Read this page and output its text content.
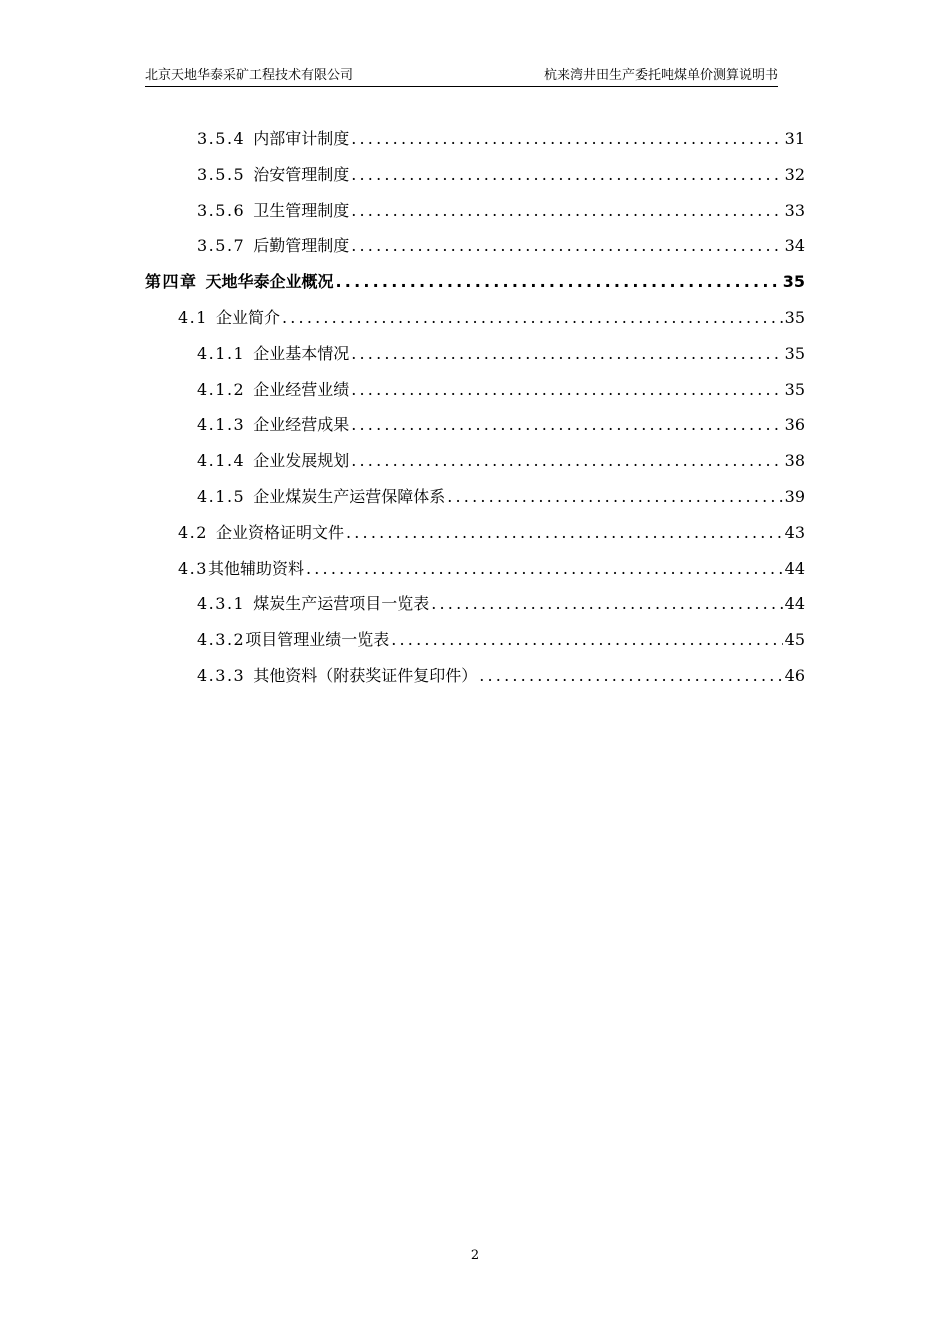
北京天地华泰采矿工程技术有限公司	杭来湾井田生产委托吨煤单价测算说明书
3.5.4 内部审计制度 .....	31
3.5.5 治安管理制度 .....	32
3.5.6 卫生管理制度 .....	33
3.5.7 后勤管理制度 .....	34
第四章 天地华泰企业概况 .....	35
4.1 企业简介 .....	35
4.1.1 企业基本情况 .....	35
4.1.2 企业经营业绩 .....	35
4.1.3 企业经营成果 .....	36
4.1.4 企业发展规划 .....	38
4.1.5 企业煤炭生产运营保障体系 .....	39
4.2 企业资格证明文件 .....	43
4.3 其他辅助资料 .....	44
4.3.1 煤炭生产运营项目一览表 .....	44
4.3.2 项目管理业绩一览表 .....	45
4.3.3 其他资料（附获奖证件复印件） .....	46
2
